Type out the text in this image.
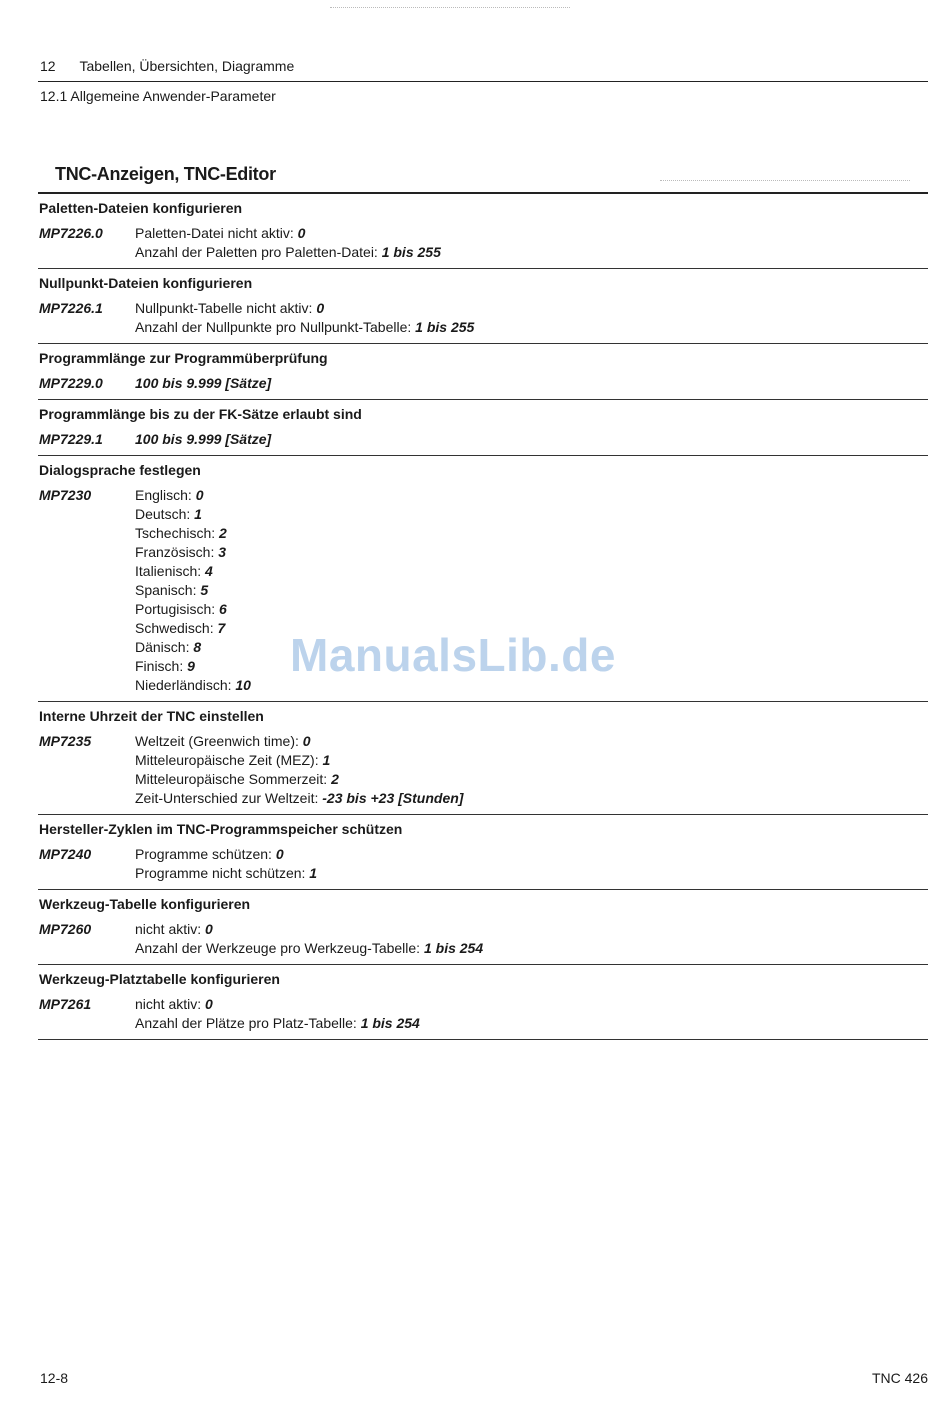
12 Tabellen, Übersichten, Diagramme
12.1 Allgemeine Anwender-Parameter
TNC-Anzeigen, TNC-Editor
Paletten-Dateien konfigurieren
MP7226.0	Paletten-Datei nicht aktiv: 0
Anzahl der Paletten pro Paletten-Datei: 1 bis 255
Nullpunkt-Dateien konfigurieren
MP7226.1	Nullpunkt-Tabelle nicht aktiv: 0
Anzahl der Nullpunkte pro Nullpunkt-Tabelle: 1 bis 255
Programmlänge zur Programmüberprüfung
MP7229.0	100 bis 9.999 [Sätze]
Programmlänge bis zu der FK-Sätze erlaubt sind
MP7229.1	100 bis 9.999 [Sätze]
Dialogsprache festlegen
MP7230	Englisch: 0
Deutsch: 1
Tschechisch: 2
Französisch: 3
Italienisch: 4
Spanisch: 5
Portugisisch: 6
Schwedisch: 7
Dänisch: 8
Finisch: 9
Niederländisch: 10
Interne Uhrzeit der TNC einstellen
MP7235	Weltzeit (Greenwich time): 0
Mitteleuropäische Zeit (MEZ): 1
Mitteleuropäische Sommerzeit: 2
Zeit-Unterschied zur Weltzeit: -23 bis +23 [Stunden]
Hersteller-Zyklen im TNC-Programmspeicher schützen
MP7240	Programme schützen: 0
Programme nicht schützen: 1
Werkzeug-Tabelle konfigurieren
MP7260	nicht aktiv: 0
Anzahl der Werkzeuge pro Werkzeug-Tabelle: 1 bis 254
Werkzeug-Platztabelle konfigurieren
MP7261	nicht aktiv: 0
Anzahl der Plätze pro Platz-Tabelle: 1 bis 254
ManualsLib.de
12-8	TNC 426
